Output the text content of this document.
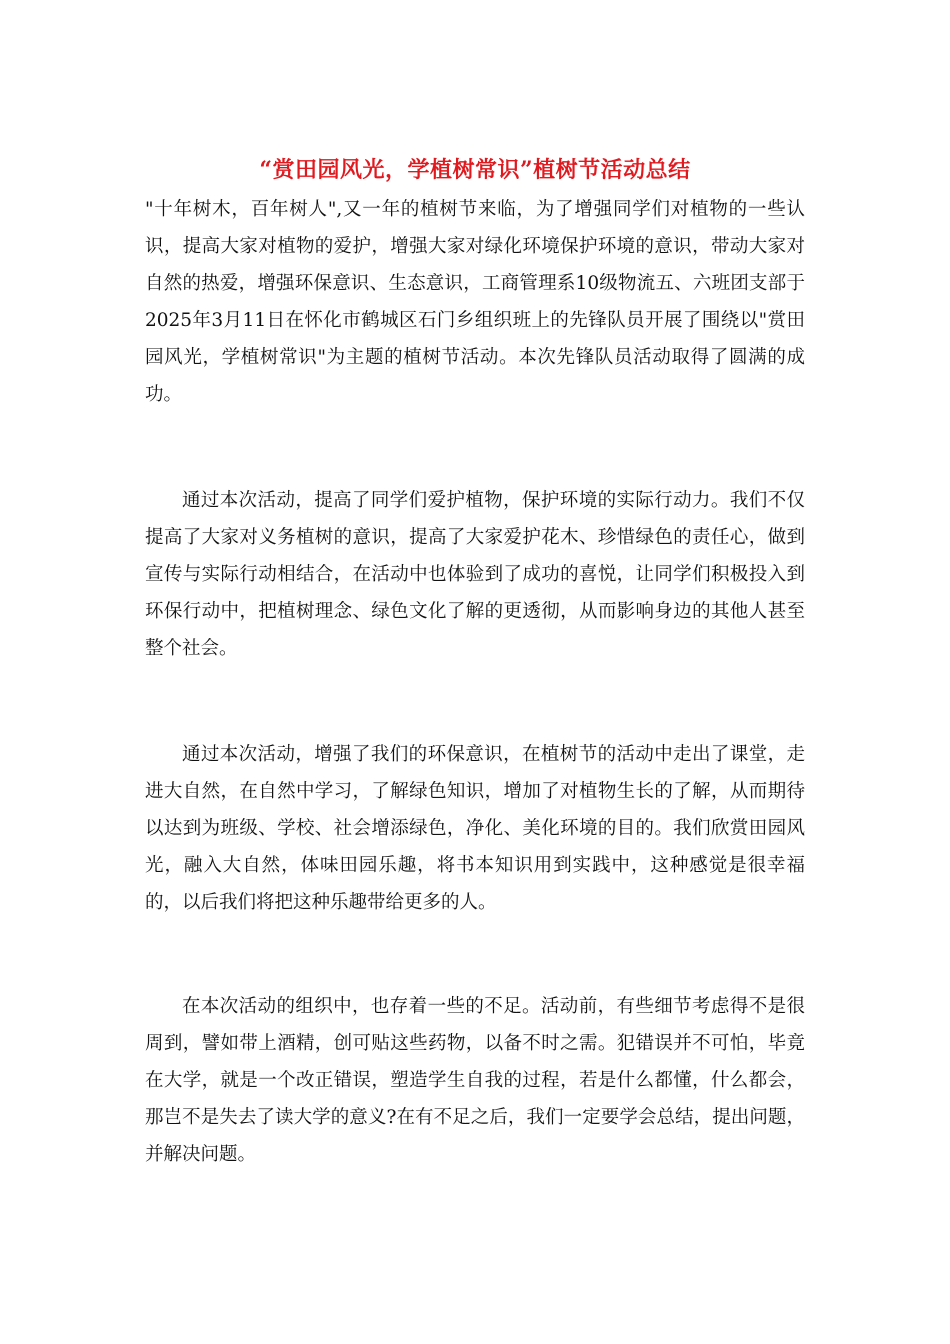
“赏田园风光，学植树常识”植树节活动总结

"十年树木，百年树人",又一年的植树节来临，为了增强同学们对植物的一些认识，提高大家对植物的爱护，增强大家对绿化环境保护环境的意识，带动大家对自然的热爱，增强环保意识、生态意识，工商管理系10级物流五、六班团支部于2025年3月11日在怀化市鹤城区石门乡组织班上的先锋队员开展了围绕以"赏田园风光，学植树常识"为主题的植树节活动。本次先锋队员活动取得了圆满的成功。

通过本次活动，提高了同学们爱护植物，保护环境的实际行动力。我们不仅提高了大家对义务植树的意识，提高了大家爱护花木、珍惜绿色的责任心，做到宣传与实际行动相结合，在活动中也体验到了成功的喜悦，让同学们积极投入到环保行动中，把植树理念、绿色文化了解的更透彻，从而影响身边的其他人甚至整个社会。

通过本次活动，增强了我们的环保意识，在植树节的活动中走出了课堂，走进大自然，在自然中学习，了解绿色知识，增加了对植物生长的了解，从而期待以达到为班级、学校、社会增添绿色，净化、美化环境的目的。我们欣赏田园风光，融入大自然，体味田园乐趣，将书本知识用到实践中，这种感觉是很幸福的，以后我们将把这种乐趣带给更多的人。

在本次活动的组织中，也存着一些的不足。活动前，有些细节考虑得不是很周到，譬如带上酒精，创可贴这些药物，以备不时之需。犯错误并不可怕，毕竟在大学，就是一个改正错误，塑造学生自我的过程，若是什么都懂，什么都会，那岂不是失去了读大学的意义?在有不足之后，我们一定要学会总结，提出问题，并解决问题。
